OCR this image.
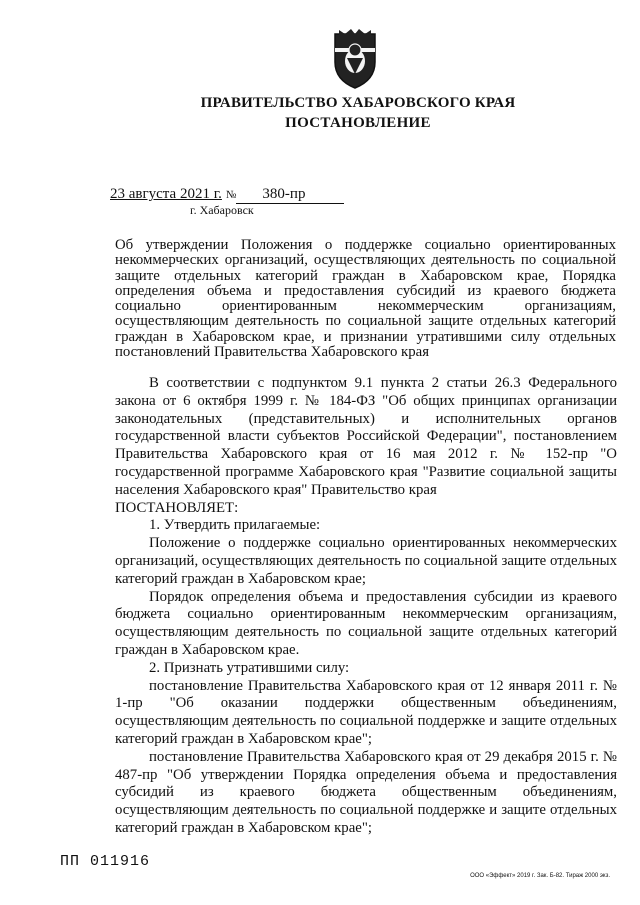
ПРАВИТЕЛЬСТВО ХАБАРОВСКОГО КРАЯ
ПОСТАНОВЛЕНИЕ
23 августа 2021 г. № 380-пр
г. Хабаровск
Об утверждении Положения о поддержке социально ориентированных некоммерческих организаций, осуществляющих деятельность по социальной защите отдельных категорий граждан в Хабаровском крае, Порядка определения объема и предоставления субсидий из краевого бюджета социально ориентированным некоммерческим организациям, осуществляющим деятельность по социальной защите отдельных категорий граждан в Хабаровском крае, и признании утратившими силу отдельных постановлений Правительства Хабаровского края

В соответствии с подпунктом 9.1 пункта 2 статьи 26.3 Федерального закона от 6 октября 1999 г. № 184-ФЗ "Об общих принципах организации законодательных (представительных) и исполнительных органов государственной власти субъектов Российской Федерации", постановлением Правительства Хабаровского края от 16 мая 2012 г. № 152-пр "О государственной программе Хабаровского края "Развитие социальной защиты населения Хабаровского края" Правительство края

ПОСТАНОВЛЯЕТ:

1. Утвердить прилагаемые:

Положение о поддержке социально ориентированных некоммерческих организаций, осуществляющих деятельность по социальной защите отдельных категорий граждан в Хабаровском крае;

Порядок определения объема и предоставления субсидии из краевого бюджета социально ориентированным некоммерческим организациям, осуществляющим деятельность по социальной защите отдельных категорий граждан в Хабаровском крае.

2. Признать утратившими силу:

постановление Правительства Хабаровского края от 12 января 2011 г. № 1-пр "Об оказании поддержки общественным объединениям, осуществляющим деятельность по социальной поддержке и защите отдельных категорий граждан в Хабаровском крае";

постановление Правительства Хабаровского края от 29 декабря 2015 г. № 487-пр "Об утверждении Порядка определения объема и предоставления субсидий из краевого бюджета общественным объединениям, осуществляющим деятельность по социальной поддержке и защите отдельных категорий граждан в Хабаровском крае";

ПП 011916
ООО «Эффект» 2019 г. Зак. Б-82. Тираж 2000 экз.
